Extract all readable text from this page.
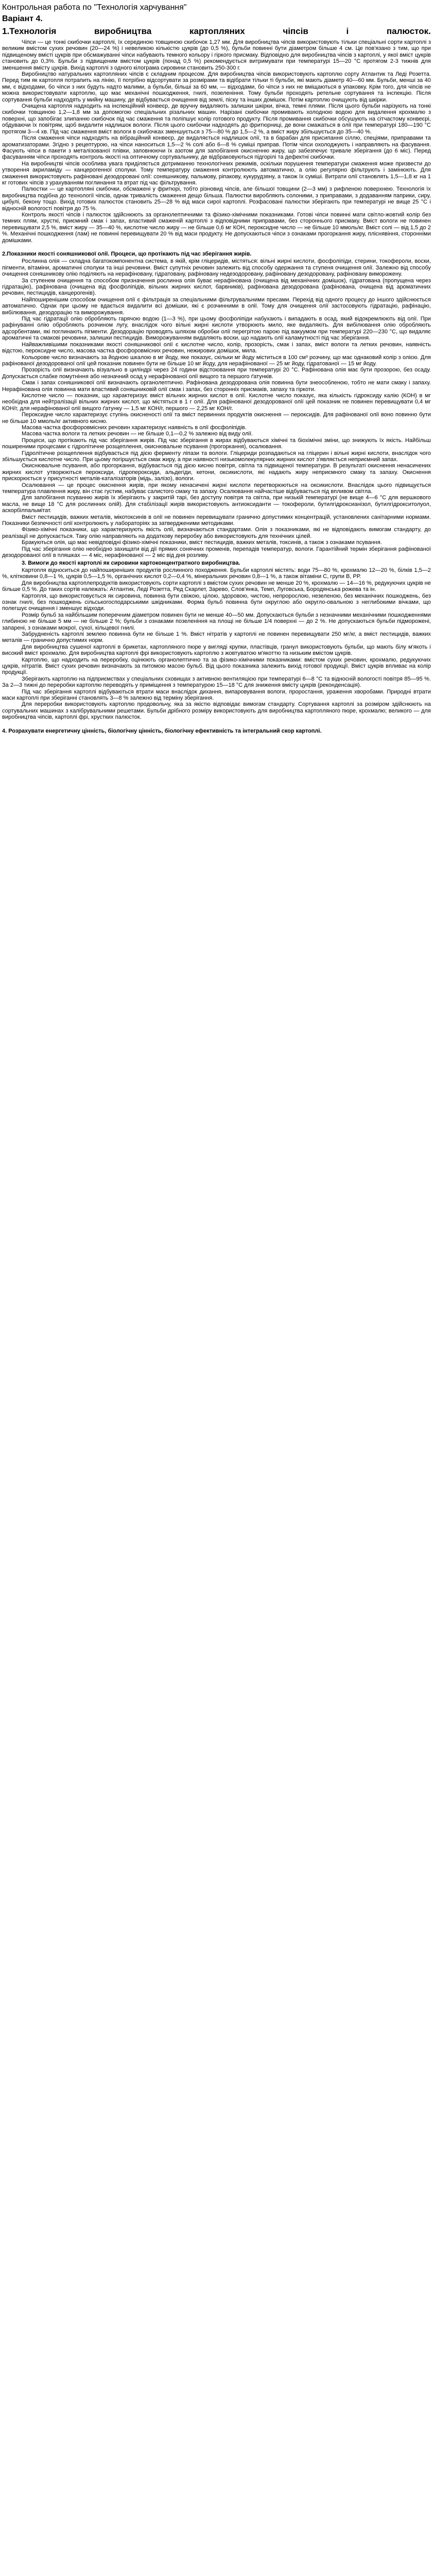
Контрольная работа по "Технологія харчування"
Варіант 4.
1.Технологія виробництва картопляних чіпсів і палюсток.

Чіпси — це тонкі скибочки картоплі, їх серединою товщиною скибочок 1,27 мм. Для виробництва чіпсів використовують тільки спеціальні сорти картоплі з великим вмістом сухих речовин (20—24 %) і невеликою кількістю цукрів (до 0,5 %), бульби повинні бути діаметром більше 4 см. Це пов'язано з тим, що при підвищеному вмісті цукрів при обсмажуванні чіпси набувають темного кольору і гіркого присмаку. Відповідно для виробництва чіпсів з картоплі, у якої вміст цукрів становить до 0,3%. Бульби з підвищеним вмістом цукрів (понад 0,5 %) рекомендується витримувати при температурі 15—20 °С протягом 2-3 тижнів для зменшення вмісту цукрів. Вихід картоплі з одного кілограма сировини становить 250-300 г.

Виробництво натуральних картопляних чіпсів є складним процесом. Для виробництва чіпсів використовують картоплю сорту Атлантик та Леді Розетта. Перед тим як картопля потрапить на лінію, її потрібно відсортувати за розмірами та відібрати тільки ті бульби, які мають діаметр 40—60 мм. Бульби, менші за 40 мм, є відходами, бо чіпси з них будуть надто малими, а бульби, більші за 60 мм, — відходами, бо чіпси з них не вміщаються в упаковку. Крім того, для чіпсів не можна використовувати картоплю, що має механічні пошкодження, гнилі, позеленіння. Тому бульби проходять ретельне сортування та інспекцію. Після сортування бульби надходять у мийну машину, де відбувається очищення від землі, піску та інших домішок. Потім картоплю очищують від шкірки.

Очищена картопля надходить на інспекційний конвеєр, де вручну видаляють залишки шкірки, вічка, темні плями. Після цього бульби нарізують на тонкі скибочки товщиною 1,2—1,8 мм за допомогою спеціальних різальних машин. Нарізані скибочки промивають холодною водою для видалення крохмалю з поверхні, що запобігає злипанню скибочок під час смаження та поліпшує колір готового продукту. Після промивання скибочки обсушують на сітчастому конвеєрі, обдуваючи їх повітрям, щоб видалити надлишок вологи. Після цього скибочки надходять до фритюрниці, де вони смажаться в олії при температурі 180—190 °С протягом 3—4 хв. Під час смаження вміст вологи в скибочках зменшується з 75—80 % до 1,5—2 %, а вміст жиру збільшується до 35—40 %.

Після смаження чіпси надходять на вібраційний конвеєр, де видаляється надлишок олії, та в барабан для присипання сіллю, спеціями, приправами та ароматизаторами. Згідно з рецептурою, на чіпси наноситься 1,5—2 % солі або 6—8 % суміші приправ. Потім чіпси охолоджують і направляють на фасування. Фасують чіпси в пакети з металізованої плівки, заповнюючи їх азотом для запобігання окисненню жиру, що забезпечує тривале зберігання (до 6 міс). Перед фасуванням чіпси проходять контроль якості на оптичному сортувальнику, де відбраковуються підгорілі та дефектні скибочки.

На виробництві чіпсів особлива увага приділяється дотриманню технологічних режимів, оскільки порушення температури смаження може призвести до утворення акриламіду — канцерогенної сполуки. Тому температуру смаження контролюють автоматично, а олію регулярно фільтрують і замінюють. Для смаження використовують рафіновані дезодоровані олії: соняшникову, пальмову, ріпакову, кукурудзяну, а також їх суміші. Витрати олії становлять 1,5—1,8 кг на 1 кг готових чіпсів з урахуванням поглинання та втрат під час фільтрування.

Палюстки — це картопляні скибочки, обсмажені у фритюрі, тобто різновид чіпсів, але більшої товщини (2—3 мм) з рифленою поверхнею. Технологія їх виробництва подібна до технології чіпсів, однак тривалість смаження дещо більша. Палюстки виробляють солоними, з приправами, з додаванням паприки, сиру, цибулі, бекону тощо. Вихід готових палюсток становить 25—28 % від маси сирої картоплі. Розфасовані палюстки зберігають при температурі не вище 25 °С і відносній вологості повітря до 75 %.

Контроль якості чіпсів і палюсток здійснюють за органолептичними та фізико-хімічними показниками. Готові чіпси повинні мати світло-жовтий колір без темних плям, хрусткі, приємний смак і запах, властивий смаженій картоплі з відповідними приправами, без стороннього присмаку. Вміст вологи не повинен перевищувати 2,5 %, вміст жиру — 35—40 %, кислотне число жиру — не більше 0,6 мг КОН, пероксидне число — не більше 10 ммоль/кг. Вміст солі — від 1,5 до 2 %. Механічні пошкодження (лам) не повинні перевищувати 20 % від маси продукту. Не допускаються чіпси з ознаками прогоркання жиру, пліснявіння, сторонніми домішками.

2.Показники якості соняшникової олії. Процеси, що протікають під час зберігання жирів.

Рослинна олія — складна багатокомпонентна система, в якій, крім гліцеридів, містяться: вільні жирні кислоти, фосфоліпіди, стерини, токофероли, воски, пігменти, вітаміни, ароматичні сполуки та інші речовини. Вміст супутніх речовин залежить від способу одержання та ступеня очищення олії. Залежно від способу очищення соняшникову олію поділяють на нерафіновану, гідратовану, рафіновану недезодоровану, рафіновану дезодоровану, рафіновану виморожену.

За ступенем очищення та способом призначення рослинна олія буває нерафінована (очищена від механічних домішок), гідратована (пропущена через гідратацію), рафінована (очищена від фосфоліпідів, вільних жирних кислот, барвників), рафінована дезодорована (рафінована, очищена від ароматичних речовин, пестицидів, канцерогенів).

Найпоширенішим способом очищення олії є фільтрація за спеціальними фільтрувальними пресами. Перехід від одного процесу до іншого здійснюється автоматично. Однак при цьому не вдається видалити всі домішки, які є розчинними в олії. Тому для очищення олії застосовують гідратацію, рафінацію, вибілювання, дезодорацію та виморожування.

Під час гідратації олію обробляють гарячою водою (1—3 %), при цьому фосфоліпіди набухають і випадають в осад, який відокремлюють від олії. При рафінуванні олію обробляють розчином лугу, внаслідок чого вільні жирні кислоти утворюють мило, яке видаляють. Для вибілювання олію обробляють адсорбентами, які поглинають пігменти. Дезодорацію проводять шляхом обробки олії перегрітою парою під вакуумом при температурі 220—230 °С, що видаляє ароматичні та смакові речовини, залишки пестицидів. Виморожуванням видаляють воски, що надають олії каламутності під час зберігання.

Найважливішими показниками якості соняшникової олії є кислотне число, колір, прозорість, смак і запах, вміст вологи та летких речовин, наявність відстою, пероксидне число, масова частка фосфоровмісних речовин, нежирових домішок, мила.

Кольорове число визначають за йодною шкалою в мг йоду, яке показує, скільки мг йоду міститься в 100 см³ розчину, що має однаковий колір з олією. Для рафінованої дезодорованої олії цей показник повинен бути не більше 10 мг йоду, для нерафінованої — 25 мг йоду, гідратованої — 15 мг йоду.

Прозорість олії визначають візуально в циліндрі через 24 години відстоювання при температурі 20 °С. Рафінована олія має бути прозорою, без осаду. Допускається слабке помутніння або незначний осад у нерафінованої олії вищого та першого ґатунків.

Смак і запах соняшникової олії визначають органолептично. Рафінована дезодорована олія повинна бути знеособленою, тобто не мати смаку і запаху. Нерафінована олія повинна мати властивий соняшниковій олії смак і запах, без сторонніх присмаків, запаху та гіркоти.

Кислотне число — показник, що характеризує вміст вільних жирних кислот в олії. Кислотне число показує, яка кількість гідроксиду калію (КОН) в мг необхідна для нейтралізації вільних жирних кислот, що містяться в 1 г олії. Для рафінованої дезодорованої олії цей показник не повинен перевищувати 0,4 мг КОН/г, для нерафінованої олії вищого ґатунку — 1,5 мг КОН/г, першого — 2,25 мг КОН/г.

Пероксидне число характеризує ступінь окисненості олії та вміст первинних продуктів окиснення — пероксидів. Для рафінованої олії воно повинно бути не більше 10 ммоль/кг активного кисню.

Масова частка фосфоровмісних речовин характеризує наявність в олії фосфоліпідів.

Масова частка вологи та летких речовин — не більше 0,1—0,2 % залежно від виду олії.

Процеси, що протікають під час зберігання жирів. Під час зберігання в жирах відбуваються хімічні та біохімічні зміни, що знижують їх якість. Найбільш поширеними процесами є гідролітичне розщеплення, окиснювальне псування (прогоркання), осалювання.

Гідролітичне розщеплення відбувається під дією ферменту ліпази та вологи. Гліцериди розпадаються на гліцерин і вільні жирні кислоти, внаслідок чого збільшується кислотне число. При цьому погіршується смак жиру, а при наявності низькомолекулярних жирних кислот з'являється неприємний запах.

Окиснювальне псування, або прогоркання, відбувається під дією кисню повітря, світла та підвищеної температури. В результаті окиснення ненасичених жирних кислот утворюються пероксиди, гідропероксиди, альдегіди, кетони, оксикислоти, які надають жиру неприємного смаку та запаху. Окиснення прискорюється у присутності металів-каталізаторів (мідь, залізо), вологи.

Осалювання — це процес окиснення жирів, при якому ненасичені жирні кислоти перетворюються на оксикислоти. Внаслідок цього підвищується температура плавлення жиру, він стає густим, набуває салистого смаку та запаху. Осалювання найчастіше відбувається під впливом світла.

Для запобігання псуванню жирів їх зберігають у закритій тарі, без доступу повітря та світла, при низькій температурі (не вище 4—6 °С для вершкового масла, не вище 18 °С для рослинних олій). Для стабілізації жирів використовують антиоксиданти — токофероли, бутилгідроксианізол, бутилгідрокситолуол, аскорбілпальмітат.

Вміст пестицидів, важких металів, мікотоксинів в олії не повинен перевищувати гранично допустимих концентрацій, установлених санітарними нормами. Показники безпечності олії контролюють у лабораторіях за затвердженими методиками.

Фізико-хімічні показники, що характеризують якість олії, визначаються стандартами. Олія з показниками, які не відповідають вимогам стандарту, до реалізації не допускається. Таку олію направляють на додаткову переробку або використовують для технічних цілей.

Бракуються олія, що має невідповідні фізико-хімічні показники, вміст пестицидів, важких металів, токсинів, а також з ознаками псування.

Під час зберігання олію необхідно захищати від дії прямих сонячних променів, перепадів температур, вологи. Гарантійний термін зберігання рафінованої дезодорованої олії в пляшках — 4 міс, нерафінованої — 2 міс від дня розливу.

3. Вимоги до якості картоплі як сировини картоконцентратного виробництва.

Картопля відноситься до найпоширеніших продуктів рослинного походження. Бульби картоплі містять: води 75—80 %, крохмалю 12—20 %, білків 1,5—2 %, клітковини 0,8—1 %, цукрів 0,5—1,5 %, органічних кислот 0,2—0,4 %, мінеральних речовин 0,8—1 %, а також вітаміни С, групи В, РР.

Для виробництва картоплепродуктів використовують сорти картоплі з вмістом сухих речовин не менше 20 %, крохмалю — 14—16 %, редукуючих цукрів не більше 0,5 %. До таких сортів належать: Атлантик, Леді Розетта, Ред Скарлет, Зарево, Слов'янка, Темп, Луговська, Бородянська рожева та ін.

Картопля, що використовується як сировина, повинна бути свіжою, цілою, здоровою, чистою, непророслою, незеленою, без механічних пошкоджень, без ознак гнилі, без пошкоджень сільськогосподарськими шкідниками. Форма бульб повинна бути округлою або округло-овальною з неглибокими вічками, що полегшує очищення і зменшує відходи.

Розмір бульб за найбільшим поперечним діаметром повинен бути не менше 40—50 мм. Допускаються бульби з незначними механічними пошкодженнями глибиною не більше 5 мм — не більше 2 %; бульби з ознаками позеленіння на площі не більше 1/4 поверхні — до 2 %. Не допускаються бульби підморожені, запарені, з ознаками мокрої, сухої, кільцевої гнилі.

Забрудненість картоплі землею повинна бути не більше 1 %. Вміст нітратів у картоплі не повинен перевищувати 250 мг/кг, а вміст пестицидів, важких металів — гранично допустимих норм.

Для виробництва сушеної картоплі в брикетах, картопляного пюре у вигляді крупки, пластівців, гранул використовують бульби, що мають білу м'якоть і високий вміст крохмалю. Для виробництва картоплі фрі використовують картоплю з жовтуватою м'якоттю та низьким вмістом цукрів.

Картоплю, що надходить на переробку, оцінюють органолептично та за фізико-хімічними показниками: вмістом сухих речовин, крохмалю, редукуючих цукрів, нітратів. Вміст сухих речовин визначають за питомою масою бульб. Від цього показника залежить вихід готової продукції. Вміст цукрів впливає на колір продукції.

Зберігають картоплю на підприємствах у спеціальних сховищах з активною вентиляцією при температурі 6—8 °С та відносній вологості повітря 85—95 %. За 2—3 тижні до переробки картоплю переводять у приміщення з температурою 15—18 °С для зниження вмісту цукрів (реконденсація).

Під час зберігання картоплі відбуваються втрати маси внаслідок дихання, випаровування вологи, проростання, ураження хворобами. Природні втрати маси картоплі при зберіганні становлять 3—8 % залежно від терміну зберігання.

Для переробки використовують картоплю продовольчу, яка за якістю відповідає вимогам стандарту. Сортування картоплі за розміром здійснюють на сортувальних машинах з калібрувальними решетами. Бульби дрібного розміру використовують для виробництва картопляного пюре, крохмалю; великого — для виробництва чіпсів, картоплі фрі, хрустких палюсток.

4. Розрахувати енергетичну цінність, біологічну цінність, біологічну ефективність та інтегральний скор картоплі.
